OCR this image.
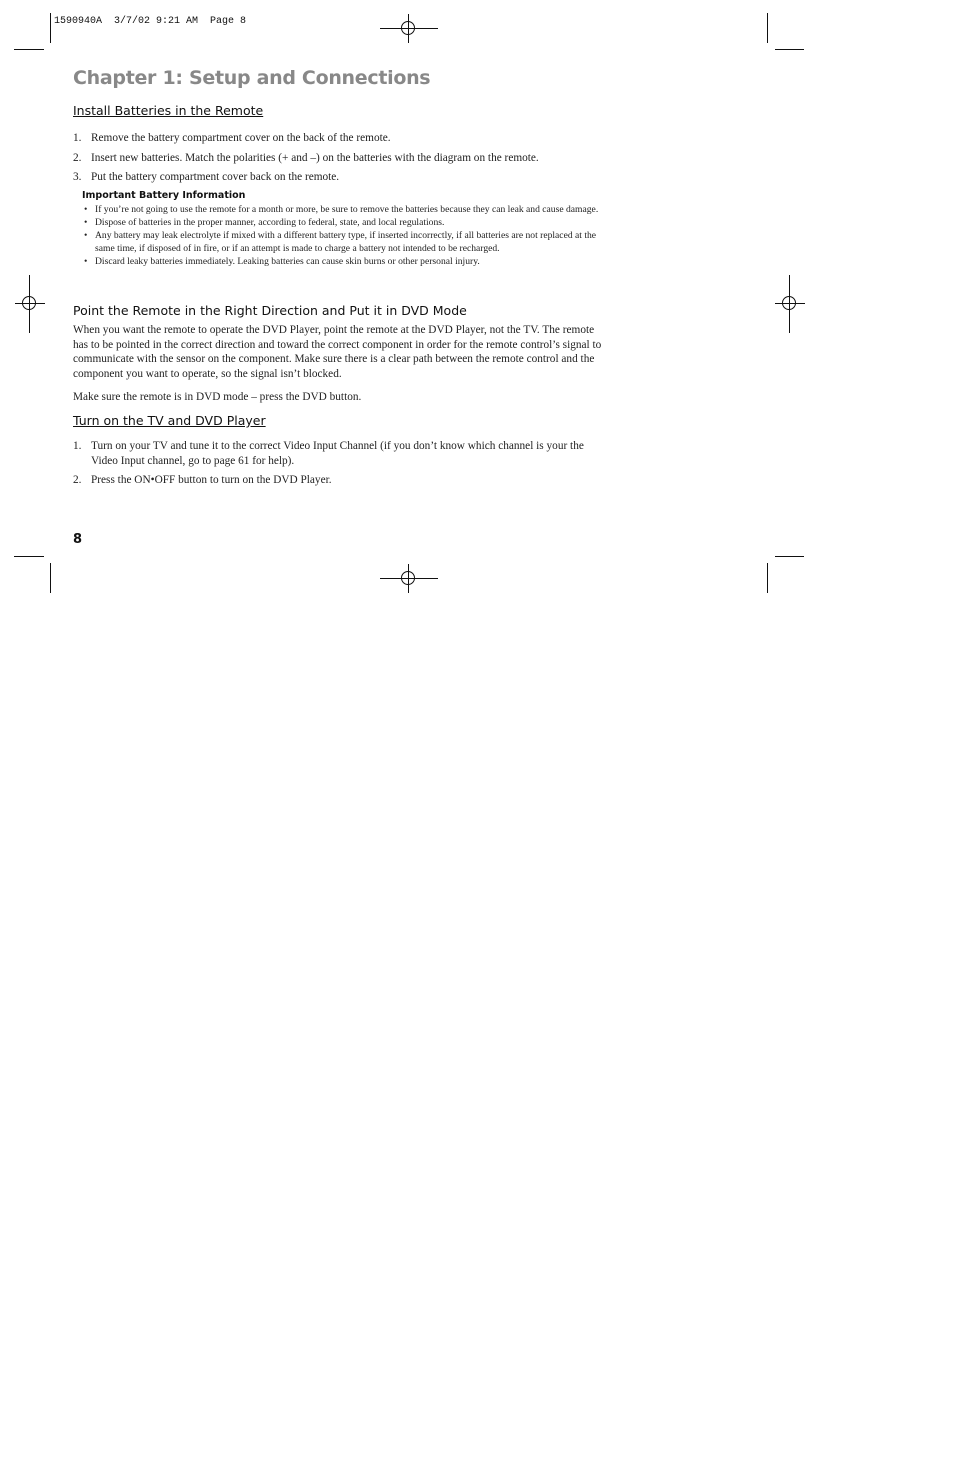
1590940A  3/7/02 9:21 AM  Page 8
Chapter 1: Setup and Connections
Install Batteries in the Remote
1. Remove the battery compartment cover on the back of the remote.
2. Insert new batteries. Match the polarities (+ and –) on the batteries with the diagram on the remote.
3. Put the battery compartment cover back on the remote.
Important Battery Information
• If you’re not going to use the remote for a month or more, be sure to remove the batteries because they can leak and cause damage.
• Dispose of batteries in the proper manner, according to federal, state, and local regulations.
• Any battery may leak electrolyte if mixed with a different battery type, if inserted incorrectly, if all batteries are not replaced at the same time, if disposed of in fire, or if an attempt is made to charge a battery not intended to be recharged.
• Discard leaky batteries immediately. Leaking batteries can cause skin burns or other personal injury.
Point the Remote in the Right Direction and Put it in DVD Mode

When you want the remote to operate the DVD Player, point the remote at the DVD Player, not the TV. The remote has to be pointed in the correct direction and toward the correct component in order for the remote control’s signal to communicate with the sensor on the component. Make sure there is a clear path between the remote control and the component you want to operate, so the signal isn’t blocked.

Make sure the remote is in DVD mode – press the DVD button.

Turn on the TV and DVD Player
1. Turn on your TV and tune it to the correct Video Input Channel (if you don’t know which channel is your the Video Input channel, go to page 61 for help).
2. Press the ON•OFF button to turn on the DVD Player.

8
